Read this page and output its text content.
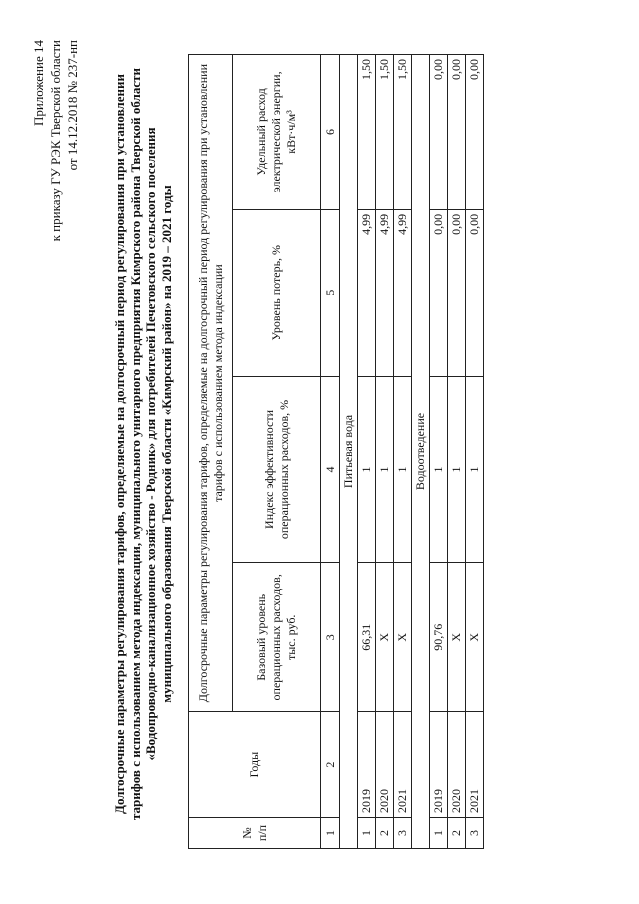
Приложение 14 к приказу ГУ РЭК Тверской области от 14.12.2018 № 237-нп Долгосрочные параметры регулирования тарифов, определяемые на долгосрочный период регулирования при установлении тарифов с использованием метода индексации, муниципального унитарного предприятия Кимрского района Тверской области «Водопроводно-канализационное хозяйство - Родник» для потребителей Печетовского сельского поселения муниципального образования Тверской области «Кимрский район» на 2019 – 2021 годы
№ п/п	Годы	Долгосрочные параметры регулирования тарифов, определяемые на долгосрочный период регулирования при установлении тарифов с использованием метода индексации			
		Базовый уровень операционных расходов, тыс. руб.	Индекс эффективности операционных расходов, %	Уровень потерь, %	Удельный расход электрической энергии, кВт·ч/м³
1	2	3	4	5	6
Питьевая вода					
1	2019	66,31	1	4,99	1,50
2	2020	X	1	4,99	1,50
3	2021	X	1	4,99	1,50
Водоотведение					
1	2019	90,76	1	0,00	0,00
2	2020	X	1	0,00	0,00
3	2021	X	1	0,00	0,00
